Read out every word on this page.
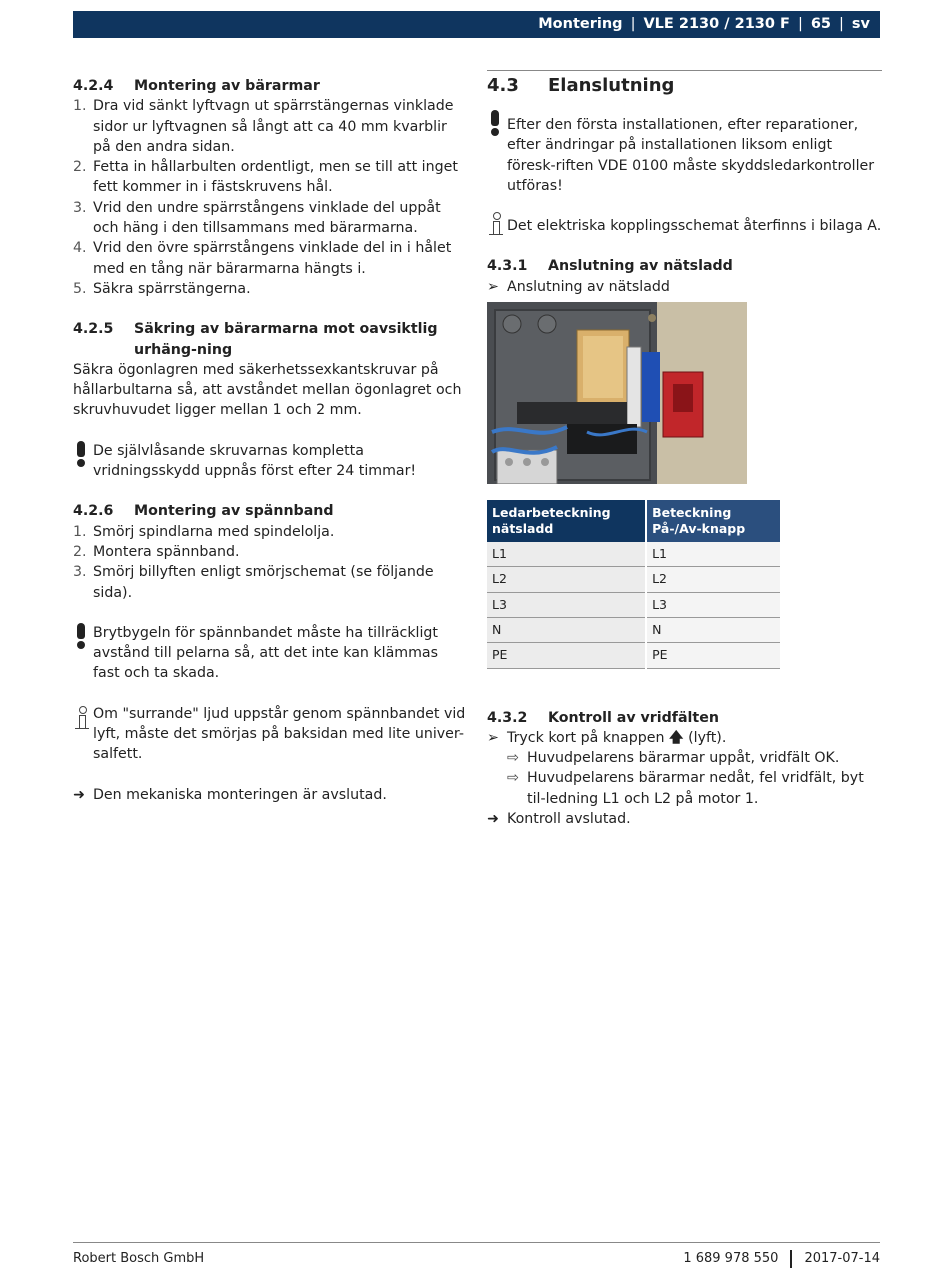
Montering | VLE 2130 / 2130 F | 65 | sv
4.2.4	Montering av bärarmar
1. Dra vid sänkt lyftvagn ut spärrstängernas vinklade sidor ur lyftvagnen så långt att ca 40 mm kvarblir på den andra sidan.
2. Fetta in hållarbulten ordentligt, men se till att inget fett kommer in i fästskruvens hål.
3. Vrid den undre spärrstångens vinklade del uppåt och häng i den tillsammans med bärarmarna.
4. Vrid den övre spärrstångens vinklade del in i hålet med en tång när bärarmarna hängts i.
5. Säkra spärrstängerna.
4.2.5	Säkring av bärarmarna mot oavsiktlig urhäng-ning

Säkra ögonlagren med säkerhetssexkantskruvar på hållarbultarna så, att avståndet mellan ögonlagret och skruvhuvudet ligger mellan 1 och 2 mm.

De självlåsande skruvarnas kompletta vridningsskydd uppnås först efter 24 timmar!
4.2.6	Montering av spännband
1. Smörj spindlarna med spindelolja.
2. Montera spännband.
3. Smörj billyften enligt smörjschemat (se följande sida).
Brytbygeln för spännbandet måste ha tillräckligt avstånd till pelarna så, att det inte kan klämmas fast och ta skada.
Om "surrande" ljud uppstår genom spännbandet vid lyft, måste det smörjas på baksidan med lite univer-salfett.
➜ Den mekaniska monteringen är avslutad.
4.3	Elanslutning
Efter den första installationen, efter reparationer, efter ändringar på installationen liksom enligt föresk-riften VDE 0100 måste skyddsledarkontroller utföras!
Det elektriska kopplingsschemat återfinns i bilaga A.
4.3.1	Anslutning av nätsladd
➢ Anslutning av nätsladd
Ledarbeteckning nätsladd	Beteckning På-/Av-knapp
L1	L1
L2	L2
L3	L3
N	N
PE	PE
4.3.2	Kontroll av vridfälten
➢ Tryck kort på knappen 🡅 (lyft).
⇨ Huvudpelarens bärarmar uppåt, vridfält OK.
⇨ Huvudpelarens bärarmar nedåt, fel vridfält, byt til-ledning L1 och L2 på motor 1.
➜ Kontroll avslutad.
Robert Bosch GmbH	1 689 978 550 2017-07-14
